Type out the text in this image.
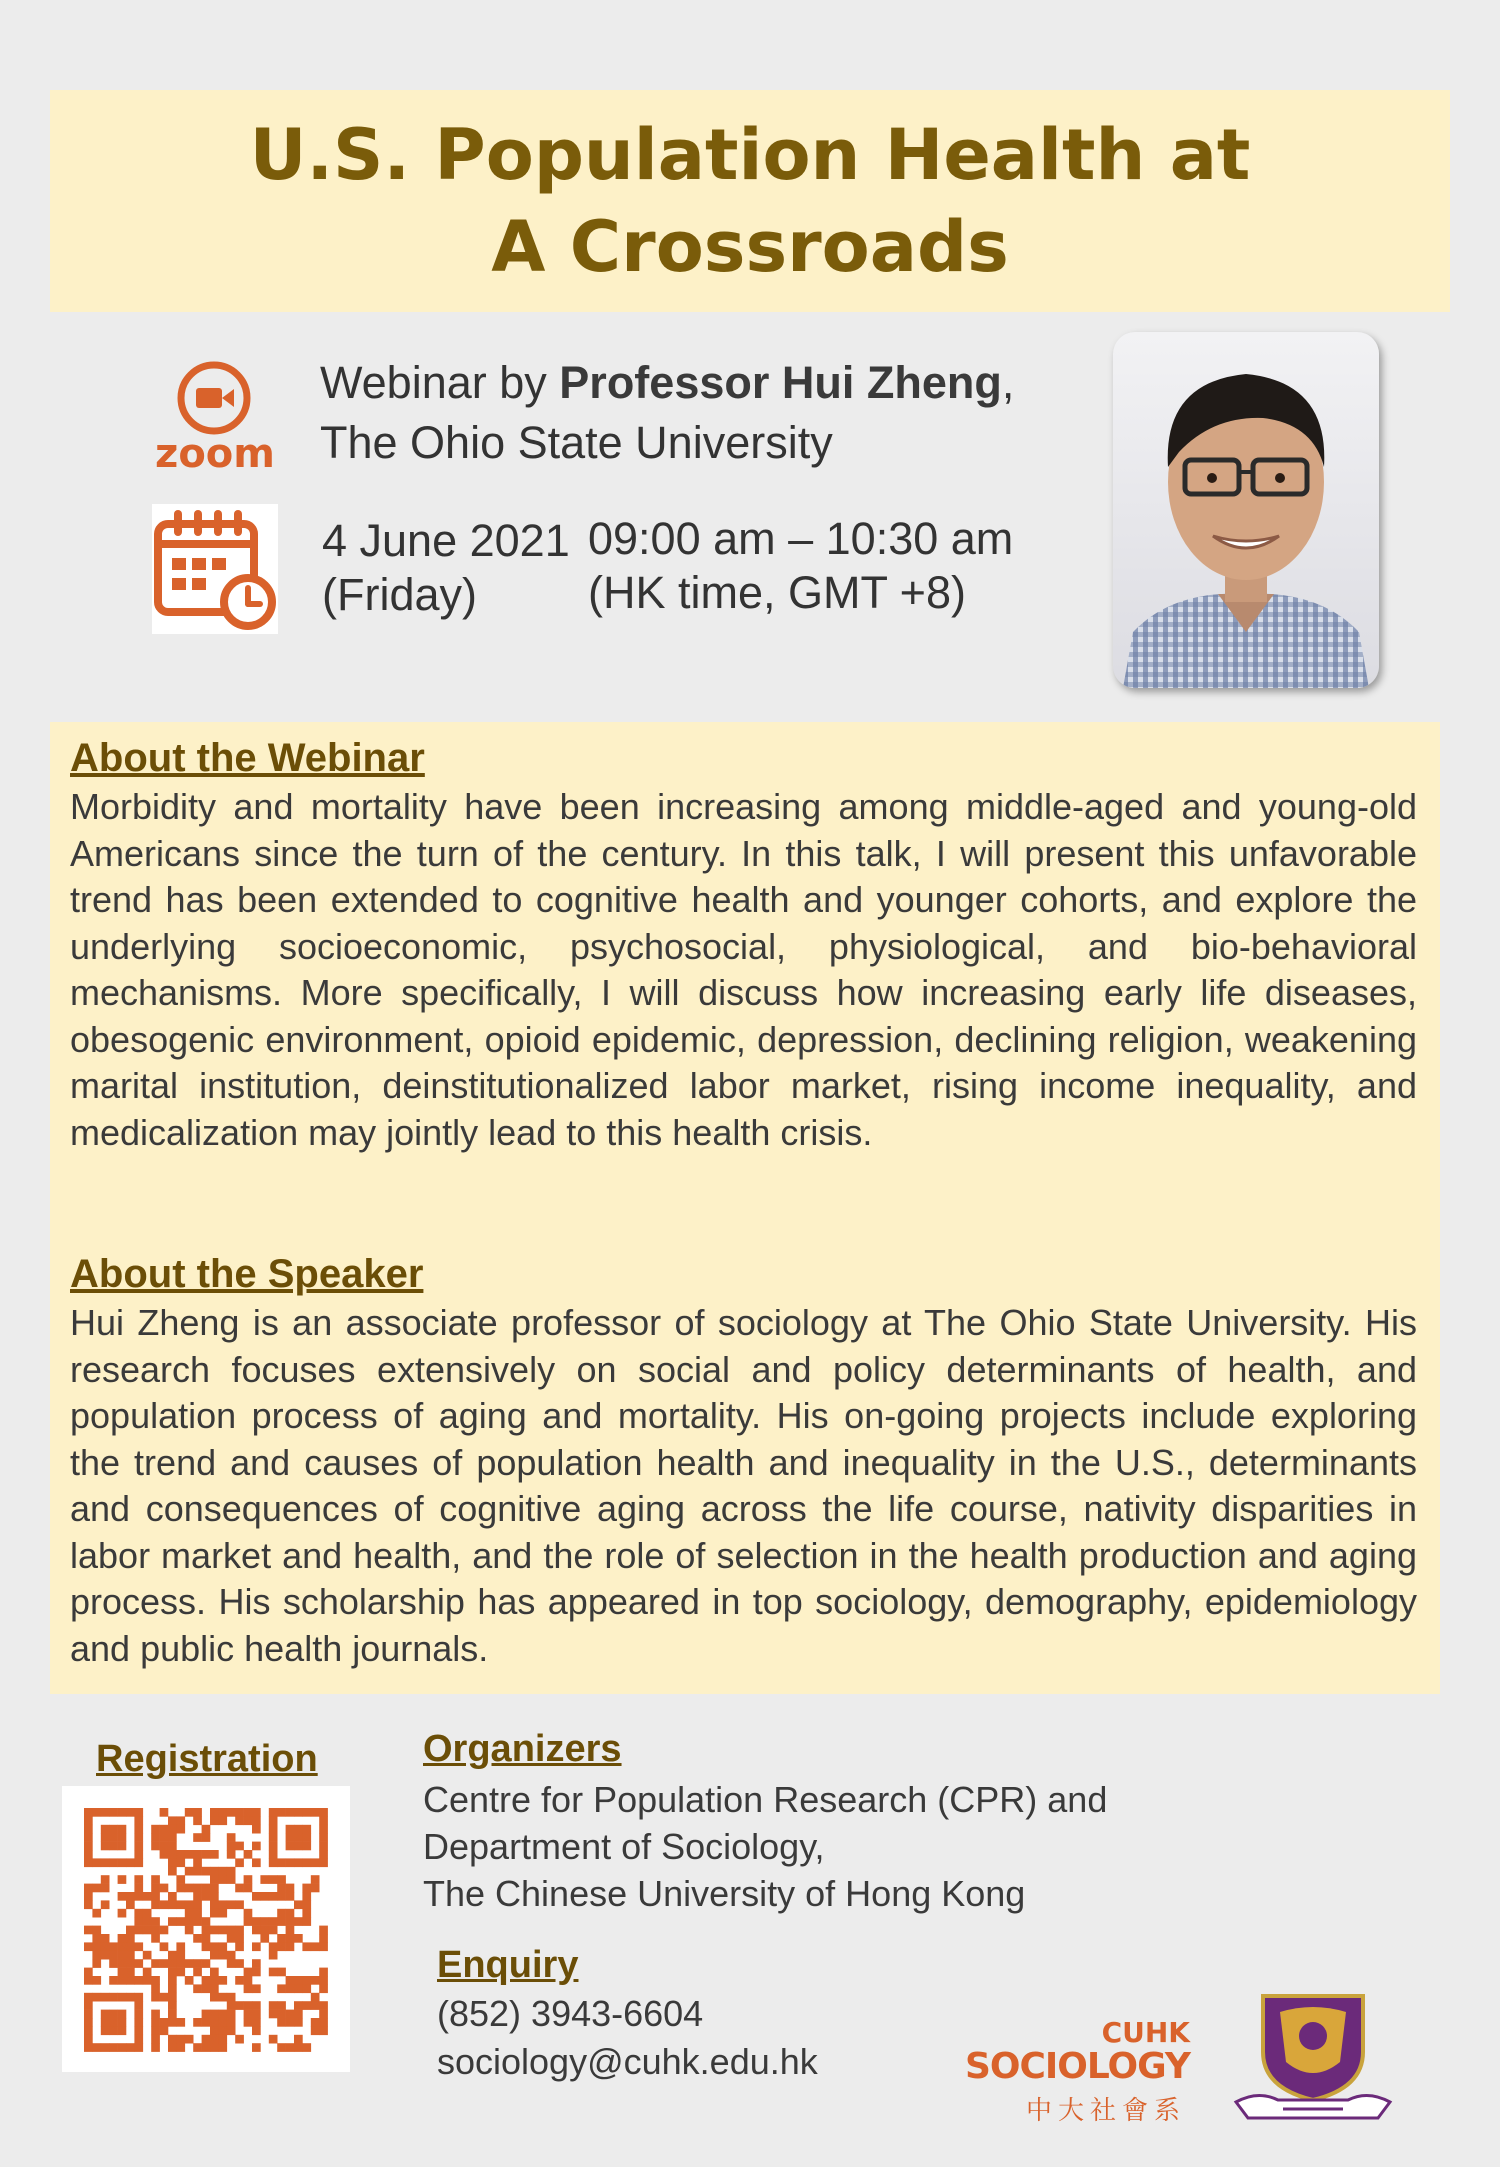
U.S. Population Health at
A Crossroads
zoom
Webinar by Professor Hui Zheng,
The Ohio State University
4 June 2021
(Friday)
09:00 am – 10:30 am
(HK time, GMT +8)
About the Webinar

Morbidity and mortality have been increasing among middle-aged and young-old Americans since the turn of the century. In this talk, I will present this unfavorable trend has been extended to cognitive health and younger cohorts, and explore the underlying socioeconomic, psychosocial, physiological, and bio-behavioral mechanisms. More specifically, I will discuss how increasing early life diseases, obesogenic environment, opioid epidemic, depression, declining religion, weakening marital institution, deinstitutionalized labor market, rising income inequality, and medicalization may jointly lead to this health crisis.

About the Speaker

Hui Zheng is an associate professor of sociology at The Ohio State University. His research focuses extensively on social and policy determinants of health, and population process of aging and mortality. His on-going projects include exploring the trend and causes of population health and inequality in the U.S., determinants and consequences of cognitive aging across the life course, nativity disparities in labor market and health, and the role of selection in the health production and aging process. His scholarship has appeared in top sociology, demography, epidemiology and public health journals.

Registration	Organizers
Centre for Population Research (CPR) and
Department of Sociology,
The Chinese University of Hong Kong
Enquiry
(852) 3943-6604
sociology@cuhk.edu.hk
CUHK
SOCIOLOGY
中大社會系
